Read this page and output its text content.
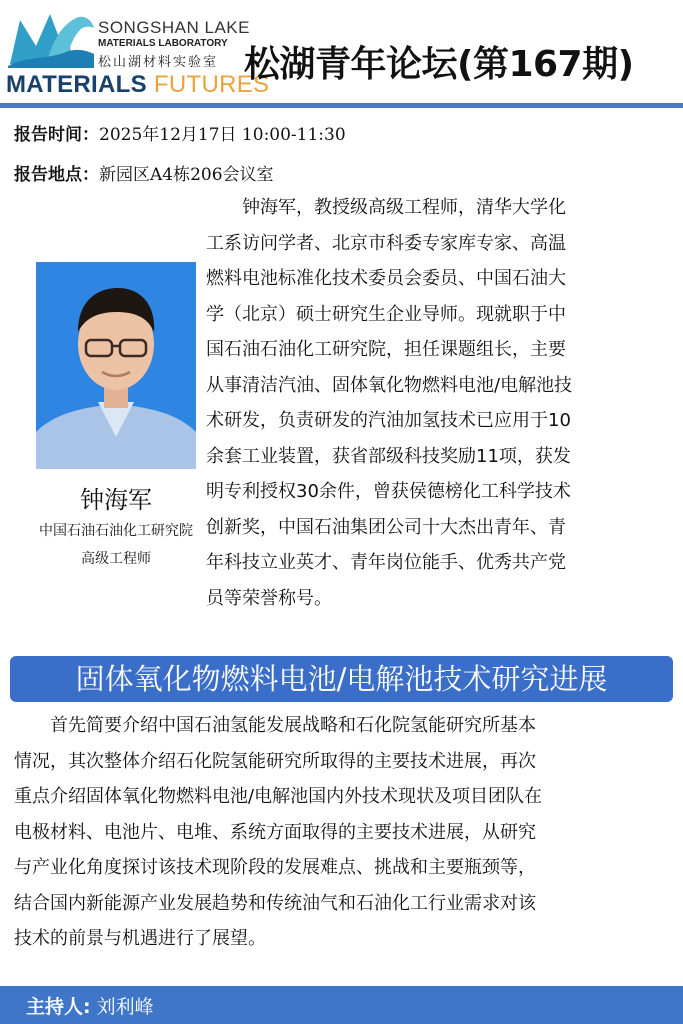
SONGSHAN LAKE
MATERIALS LABORATORY
松山湖材料实验室
MATERIALS FUTURES
松湖青年论坛(第167期)
报告时间：2025年12月17日 10:00-11:30
报告地点：新园区A4栋206会议室
钟海军
中国石油石油化工研究院
高级工程师
　　钟海军，教授级高级工程师，清华大学化
工系访问学者、北京市科委专家库专家、高温
燃料电池标准化技术委员会委员、中国石油大
学（北京）硕士研究生企业导师。现就职于中
国石油石油化工研究院，担任课题组长，主要
从事清洁汽油、固体氧化物燃料电池/电解池技
术研发，负责研发的汽油加氢技术已应用于10
余套工业装置，获省部级科技奖励11项，获发
明专利授权30余件，曾获侯德榜化工科学技术
创新奖，中国石油集团公司十大杰出青年、青
年科技立业英才、青年岗位能手、优秀共产党
员等荣誉称号。
固体氧化物燃料电池/电解池技术研究进展
　　首先简要介绍中国石油氢能发展战略和石化院氢能研究所基本
情况，其次整体介绍石化院氢能研究所取得的主要技术进展，再次
重点介绍固体氧化物燃料电池/电解池国内外技术现状及项目团队在
电极材料、电池片、电堆、系统方面取得的主要技术进展，从研究
与产业化角度探讨该技术现阶段的发展难点、挑战和主要瓶颈等，
结合国内新能源产业发展趋势和传统油气和石油化工行业需求对该
技术的前景与机遇进行了展望。
主持人: 刘利峰
